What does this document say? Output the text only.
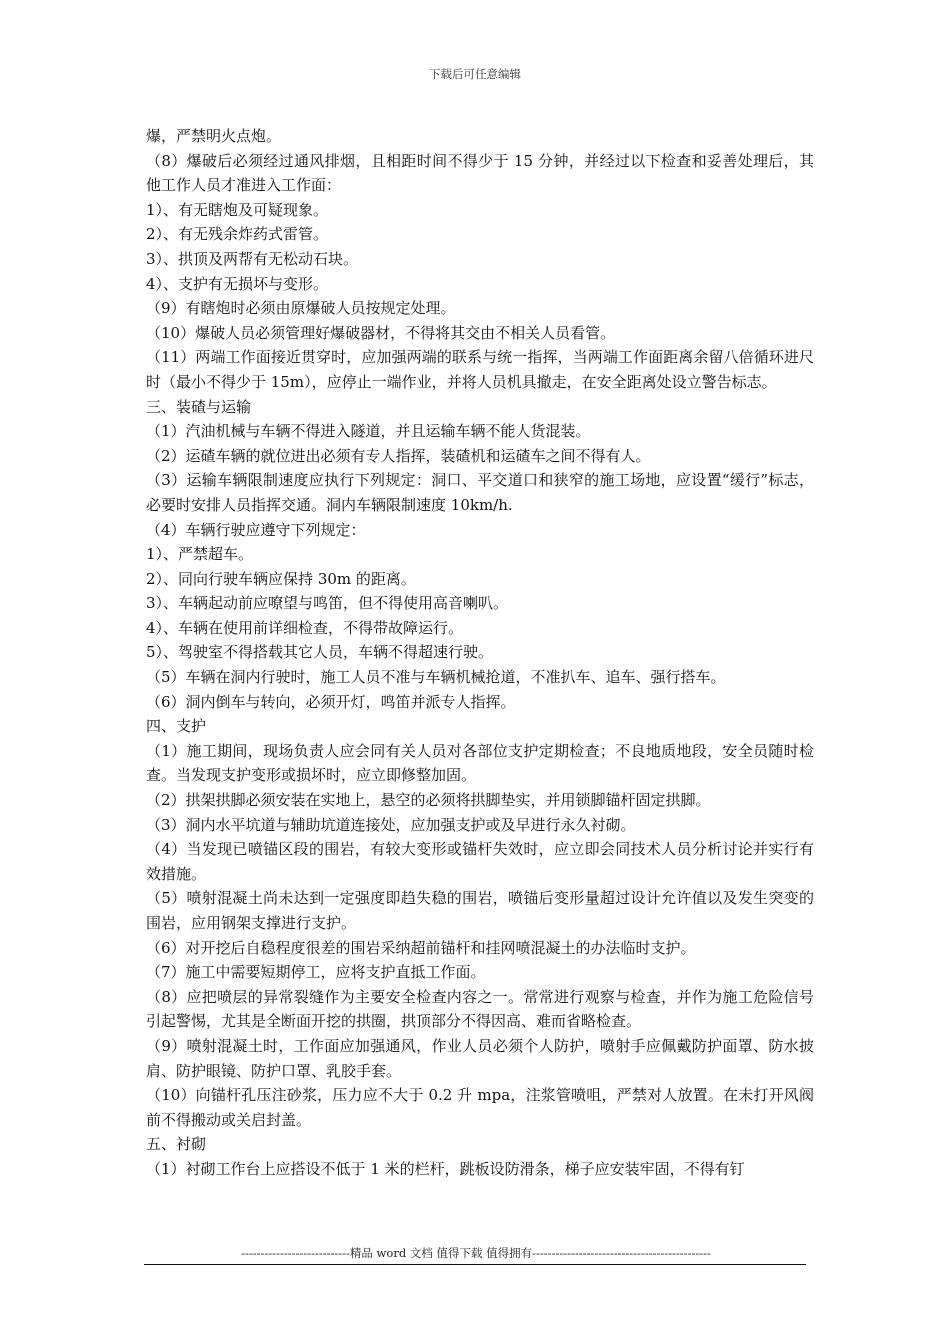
下载后可任意编辑

爆，严禁明火点炮。

（8）爆破后必须经过通风排烟，且相距时间不得少于 15 分钟，并经过以下检查和妥善处理后，其他工作人员才准进入工作面：

1）、有无瞎炮及可疑现象。

2）、有无残余炸药式雷管。

3）、拱顶及两帮有无松动石块。

4）、支护有无损坏与变形。

（9）有瞎炮时必须由原爆破人员按规定处理。

（10）爆破人员必须管理好爆破器材，不得将其交由不相关人员看管。

（11）两端工作面接近贯穿时，应加强两端的联系与统一指挥，当两端工作面距离余留八倍循环进尺时（最小不得少于 15m），应停止一端作业，并将人员机具撤走，在安全距离处设立警告标志。

三、装碴与运输

（1）汽油机械与车辆不得进入隧道，并且运输车辆不能人货混装。

（2）运碴车辆的就位进出必须有专人指挥，装碴机和运碴车之间不得有人。

（3）运输车辆限制速度应执行下列规定：洞口、平交道口和狭窄的施工场地，应设置“缓行”标志，必要时安排人员指挥交通。洞内车辆限制速度 10km/h.

（4）车辆行驶应遵守下列规定：

1）、严禁超车。

2）、同向行驶车辆应保持 30m 的距离。

3）、车辆起动前应嘹望与鸣笛，但不得使用高音喇叭。

4）、车辆在使用前详细检查，不得带故障运行。

5）、驾驶室不得搭载其它人员，车辆不得超速行驶。

（5）车辆在洞内行驶时，施工人员不准与车辆机械抢道，不准扒车、追车、强行搭车。

（6）洞内倒车与转向，必须开灯，鸣笛并派专人指挥。

四、支护

（1）施工期间，现场负责人应会同有关人员对各部位支护定期检查；不良地质地段，安全员随时检查。当发现支护变形或损坏时，应立即修整加固。

（2）拱架拱脚必须安装在实地上，悬空的必须将拱脚垫实，并用锁脚锚杆固定拱脚。

（3）洞内水平坑道与辅助坑道连接处，应加强支护或及早进行永久衬砌。

（4）当发现已喷锚区段的围岩，有较大变形或锚杆失效时，应立即会同技术人员分析讨论并实行有效措施。

（5）喷射混凝土尚未达到一定强度即趋失稳的围岩，喷锚后变形量超过设计允许值以及发生突变的围岩，应用钢架支撑进行支护。

（6）对开挖后自稳程度很差的围岩采纳超前锚杆和挂网喷混凝土的办法临时支护。

（7）施工中需要短期停工，应将支护直抵工作面。

（8）应把喷层的异常裂缝作为主要安全检查内容之一。常常进行观察与检查，并作为施工危险信号引起警惕，尤其是全断面开挖的拱圈，拱顶部分不得因高、难而省略检查。

（9）喷射混凝土时，工作面应加强通风，作业人员必须个人防护，喷射手应佩戴防护面罩、防水披肩、防护眼镜、防护口罩、乳胶手套。

（10）向锚杆孔压注砂浆，压力应不大于 0.2 升 mpa，注浆管喷咀，严禁对人放置。在未打开风阀前不得搬动或关启封盖。

五、衬砌

（1）衬砌工作台上应搭设不低于 1 米的栏杆，跳板设防滑条，梯子应安装牢固，不得有钉

----------------------------精品 word 文档 值得下载 值得拥有----------------------------------------------
